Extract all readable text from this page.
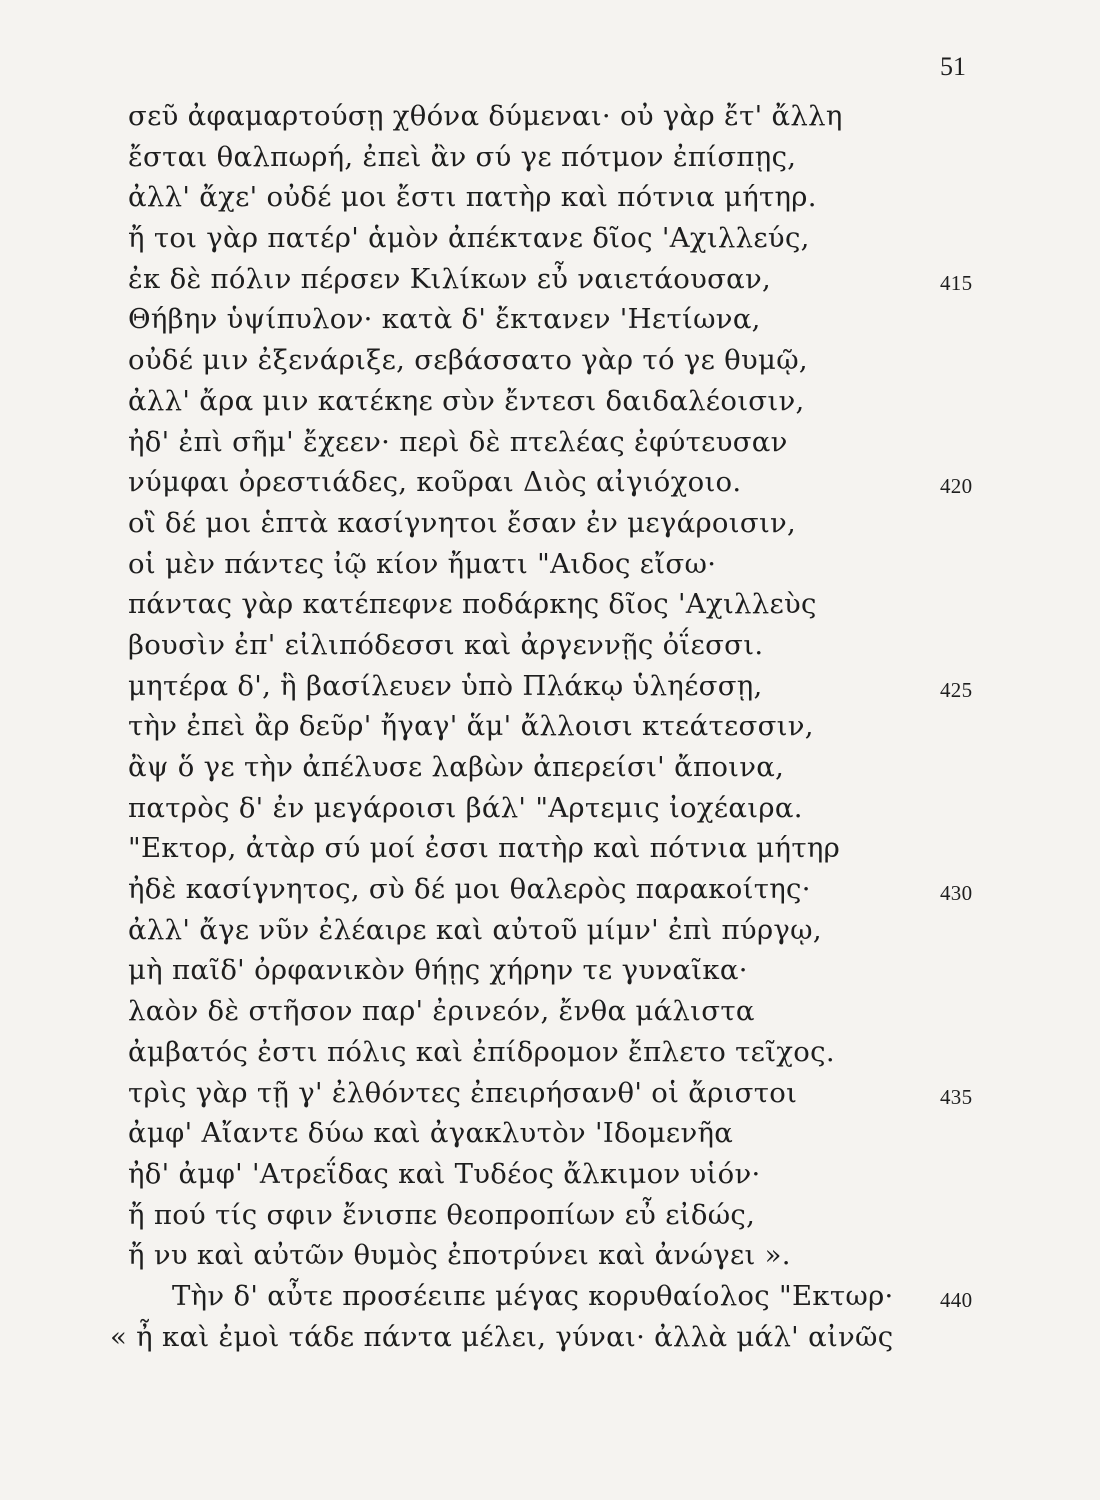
51
σεῦ ἀφαμαρτούσῃ χθόνα δύμεναι· οὐ γὰρ ἔτ' ἄλλη
ἔσται θαλπωρή, ἐπεὶ ἂν σύ γε πότμον ἐπίσπῃς,
ἀλλ' ἄχε' οὐδέ μοι ἔστι πατὴρ καὶ πότνια μήτηρ.
ἤ τοι γὰρ πατέρ' ἁμὸν ἀπέκτανε δῖος 'Αχιλλεύς,
ἐκ δὲ πόλιν πέρσεν Κιλίκων εὖ ναιετάουσαν,	415
Θήβην ὑψίπυλον· κατὰ δ' ἔκτανεν 'Ηετίωνα,
οὐδέ μιν ἐξενάριξε, σεβάσσατο γὰρ τό γε θυμῷ,
ἀλλ' ἄρα μιν κατέκηε σὺν ἔντεσι δαιδαλέοισιν,
ἠδ' ἐπὶ σῆμ' ἔχεεν· περὶ δὲ πτελέας ἐφύτευσαν
νύμφαι ὀρεστιάδες, κοῦραι Διὸς αἰγιόχοιο.	420
οἳ δέ μοι ἑπτὰ κασίγνητοι ἔσαν ἐν μεγάροισιν,
οἱ μὲν πάντες ἰῷ κίον ἤματι "Αιδος εἴσω·
πάντας γὰρ κατέπεφνε ποδάρκης δῖος 'Αχιλλεὺς
βουσὶν ἐπ' εἰλιπόδεσσι καὶ ἀργεννῇς ὀΐεσσι.
μητέρα δ', ἣ βασίλευεν ὑπὸ Πλάκῳ ὑληέσσῃ,	425
τὴν ἐπεὶ ἂρ δεῦρ' ἤγαγ' ἅμ' ἄλλοισι κτεάτεσσιν,
ἂψ ὅ γε τὴν ἀπέλυσε λαβὼν ἀπερείσι' ἄποινα,
πατρὸς δ' ἐν μεγάροισι βάλ' "Αρτεμις ἰοχέαιρα.
"Εκτορ, ἀτὰρ σύ μοί ἐσσι πατὴρ καὶ πότνια μήτηρ
ἠδὲ κασίγνητος, σὺ δέ μοι θαλερὸς παρακοίτης·	430
ἀλλ' ἄγε νῦν ἐλέαιρε καὶ αὐτοῦ μίμν' ἐπὶ πύργῳ,
μὴ παῖδ' ὀρφανικὸν θήῃς χήρην τε γυναῖκα·
λαὸν δὲ στῆσον παρ' ἐρινεόν, ἔνθα μάλιστα
ἀμβατός ἐστι πόλις καὶ ἐπίδρομον ἔπλετο τεῖχος.
τρὶς γὰρ τῇ γ' ἐλθόντες ἐπειρήσανθ' οἱ ἄριστοι	435
ἀμφ' Αἴαντε δύω καὶ ἀγακλυτὸν 'Ιδομενῆα
ἠδ' ἀμφ' 'Ατρεΐδας καὶ Τυδέος ἄλκιμον υἱόν·
ἤ πού τίς σφιν ἔνισπε θεοπροπίων εὖ εἰδώς,
ἤ νυ καὶ αὐτῶν θυμὸς ἐποτρύνει καὶ ἀνώγει ».
Τὴν δ' αὖτε προσέειπε μέγας κορυθαίολος "Εκτωρ· 440
« ἦ καὶ ἐμοὶ τάδε πάντα μέλει, γύναι· ἀλλὰ μάλ' αἰνῶς
